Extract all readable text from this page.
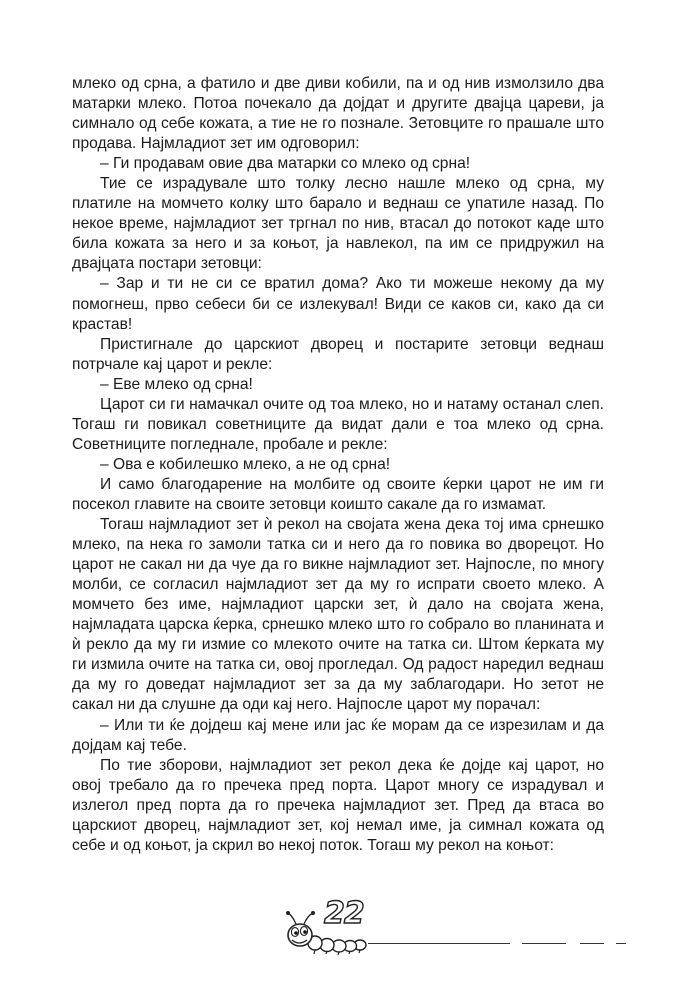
млеко од срна, а фатило и две диви кобили, па и од нив измолзило два матарки млеко. Потоа почекало да дојдат и другите двајца цареви, ја симнало од себе кожата, а тие не го познале. Зетовците го прашале што продава. Најмладиот зет им одговорил:

– Ги продавам овие два матарки со млеко од срна!

Тие се израдувале што толку лесно нашле млеко од срна, му платиле на момчето колку што барало и веднаш се упатиле назад. По некое време, најмладиот зет тргнал по нив, втасал до потокот каде што била кожата за него и за коњот, ја навлекол, па им се придружил на двајцата постари зетовци:

– Зар и ти не си се вратил дома? Ако ти можеше некому да му помогнеш, прво себеси би се излекувал! Види се каков си, како да си крастав!

Пристигнале до царскиот дворец и постарите зетовци веднаш потрчале кај царот и рекле:

– Еве млеко од срна!

Царот си ги намачкал очите од тоа млеко, но и натаму останал слеп. Тогаш ги повикал советниците да видат дали е тоа млеко од срна. Советниците погледнале, пробале и рекле:

– Ова е кобилешко млеко, а не од срна!

И само благодарение на молбите од своите ќерки царот не им ги посекол главите на своите зетовци коишто сакале да го измамат.

Тогаш најмладиот зет ѝ рекол на својата жена дека тој има срнешко млеко, па нека го замоли татка си и него да го повика во дворецот. Но царот не сакал ни да чуе да го викне најмладиот зет. Најпосле, по многу молби, се согласил најмладиот зет да му го испрати своето млеко. А момчето без име, најмладиот царски зет, ѝ дало на својата жена, најмладата царска ќерка, срнешко млеко што го собрало во планината и ѝ рекло да му ги измие со млекото очите на татка си. Штом ќерката му ги измила очите на татка си, овој прогледал. Од радост наредил веднаш да му го доведат најмладиот зет за да му заблагодари. Но зетот не сакал ни да слушне да оди кај него. Најпосле царот му порачал:

– Или ти ќе дојдеш кај мене или јас ќе морам да се изрезилам и да дојдам кај тебе.

По тие зборови, најмладиот зет рекол дека ќе дојде кај царот, но овој требало да го пречека пред порта. Царот многу се израдувал и излегол пред порта да го пречека најмладиот зет. Пред да втаса во царскиот дворец, најмладиот зет, кој немал име, ја симнал кожата од себе и од коњот, ја скрил во некој поток. Тогаш му рекол на коњот:

22
